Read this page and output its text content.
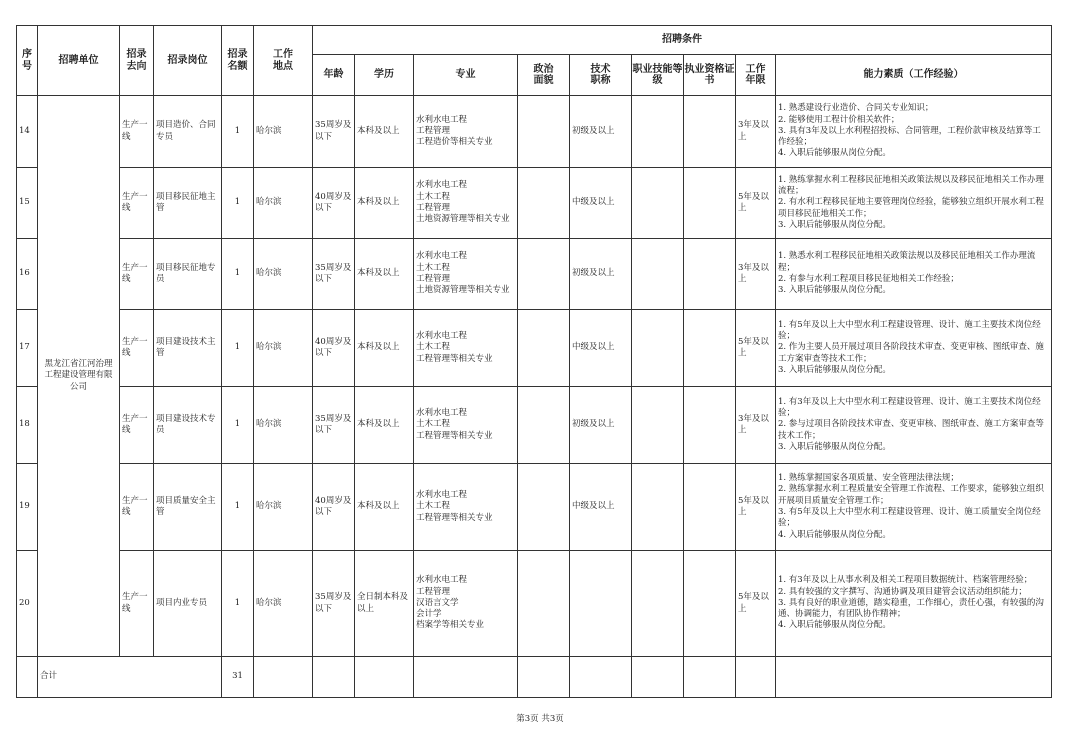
序号	招聘单位	招录去向	招录岗位	招录名额	工作地点	招聘条件								
						年龄	学历	专业	政治面貌	技术职称	职业技能等级	执业资格证书	工作年限	能力素质（工作经验）
14	黑龙江省江河治理工程建设管理有限公司	生产一线	项目造价、合同专员	1	哈尔滨	35周岁及以下	本科及以上	水利水电工程
工程管理
工程造价等相关专业		初级及以上			3年及以上	1. 熟悉建设行业造价、合同关专业知识；
2. 能够使用工程计价相关软件；
3. 具有3年及以上水利程招投标、合同管理，工程价款审核及结算等工作经验；
4. 入职后能够服从岗位分配。
15		生产一线	项目移民征地主管	1	哈尔滨	40周岁及以下	本科及以上	水利水电工程
土木工程
工程管理
土地资源管理等相关专业		中级及以上			5年及以上	1. 熟练掌握水利工程移民征地相关政策法规以及移民征地相关工作办理流程；
2. 有水利工程移民征地主要管理岗位经验，能够独立组织开展水利工程项目移民征地相关工作；
3. 入职后能够服从岗位分配。
16		生产一线	项目移民征地专员	1	哈尔滨	35周岁及以下	本科及以上	水利水电工程
土木工程
工程管理
土地资源管理等相关专业		初级及以上			3年及以上	1. 熟悉水利工程移民征地相关政策法规以及移民征地相关工作办理流程；
2. 有参与水利工程项目移民征地相关工作经验；
3. 入职后能够服从岗位分配。
17		生产一线	项目建设技术主管	1	哈尔滨	40周岁及以下	本科及以上	水利水电工程
土木工程
工程管理等相关专业		中级及以上			5年及以上	1. 有5年及以上大中型水利工程建设管理、设计、施工主要技术岗位经验；
2. 作为主要人员开展过项目各阶段技术审查、变更审核、图纸审查、施工方案审查等技术工作；
3. 入职后能够服从岗位分配。
18		生产一线	项目建设技术专员	1	哈尔滨	35周岁及以下	本科及以上	水利水电工程
土木工程
工程管理等相关专业		初级及以上			3年及以上	1. 有3年及以上大中型水利工程建设管理、设计、施工主要技术岗位经验；
2. 参与过项目各阶段技术审查、变更审核、图纸审查、施工方案审查等技术工作；
3. 入职后能够服从岗位分配。
19		生产一线	项目质量安全主管	1	哈尔滨	40周岁及以下	本科及以上	水利水电工程
土木工程
工程管理等相关专业		中级及以上			5年及以上	1. 熟练掌握国家各项质量、安全管理法律法规；
2. 熟练掌握水利工程质量安全管理工作流程、工作要求，能够独立组织开展项目质量安全管理工作；
3. 有5年及以上大中型水利工程建设管理、设计、施工质量安全岗位经验；
4. 入职后能够服从岗位分配。
20		生产一线	项目内业专员	1	哈尔滨	35周岁及以下	全日制本科及以上	水利水电工程
工程管理
汉语言文学
会计学
档案学等相关专业					5年及以上	1. 有3年及以上从事水利及相关工程项目数据统计、档案管理经验；
2. 具有较强的文字撰写、沟通协调及项目建管会议活动组织能力；
3. 具有良好的职业道德，踏实稳重，工作细心，责任心强，有较强的沟通、协调能力，有团队协作精神；
4. 入职后能够服从岗位分配。
	合计			31										
第3页 共3页
